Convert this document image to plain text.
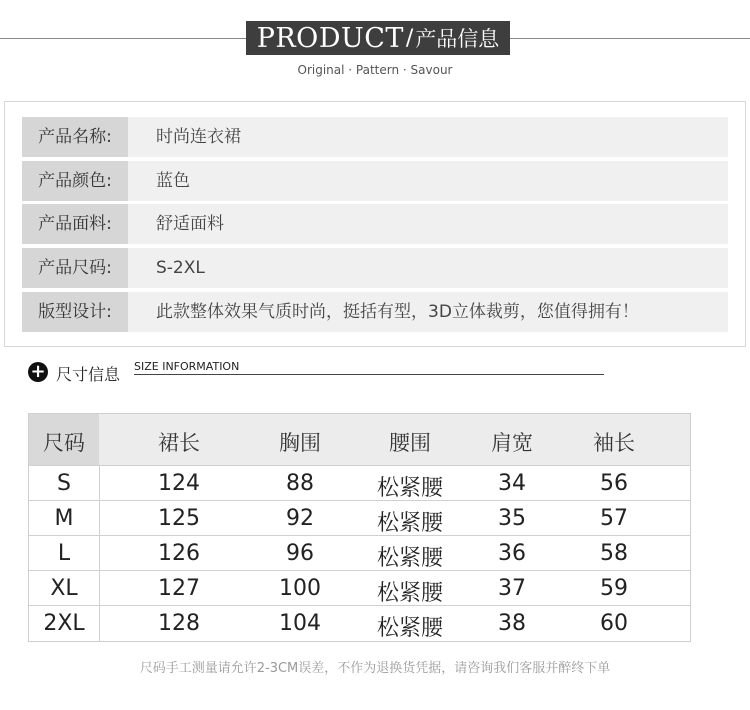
PRODUCT / 产品信息
Original · Pattern · Savour
产品名称:	时尚连衣裙
产品颜色:	蓝色
产品面料:	舒适面料
产品尺码:	S-2XL
版型设计:	此款整体效果气质时尚，挺括有型，3D立体裁剪，您值得拥有！
+ 尺寸信息 SIZE INFORMATION
尺码	裙长	胸围	腰围	肩宽	袖长
S	124	88	松紧腰 34	56
M	125	92	松紧腰 35	57
L	126	96	松紧腰 36	58
XL	127	100	松紧腰 37	59
2XL	128	104	松紧腰 38	60
尺码手工测量请允许2-3CM误差，不作为退换货凭据，请咨询我们客服并醉终下单
